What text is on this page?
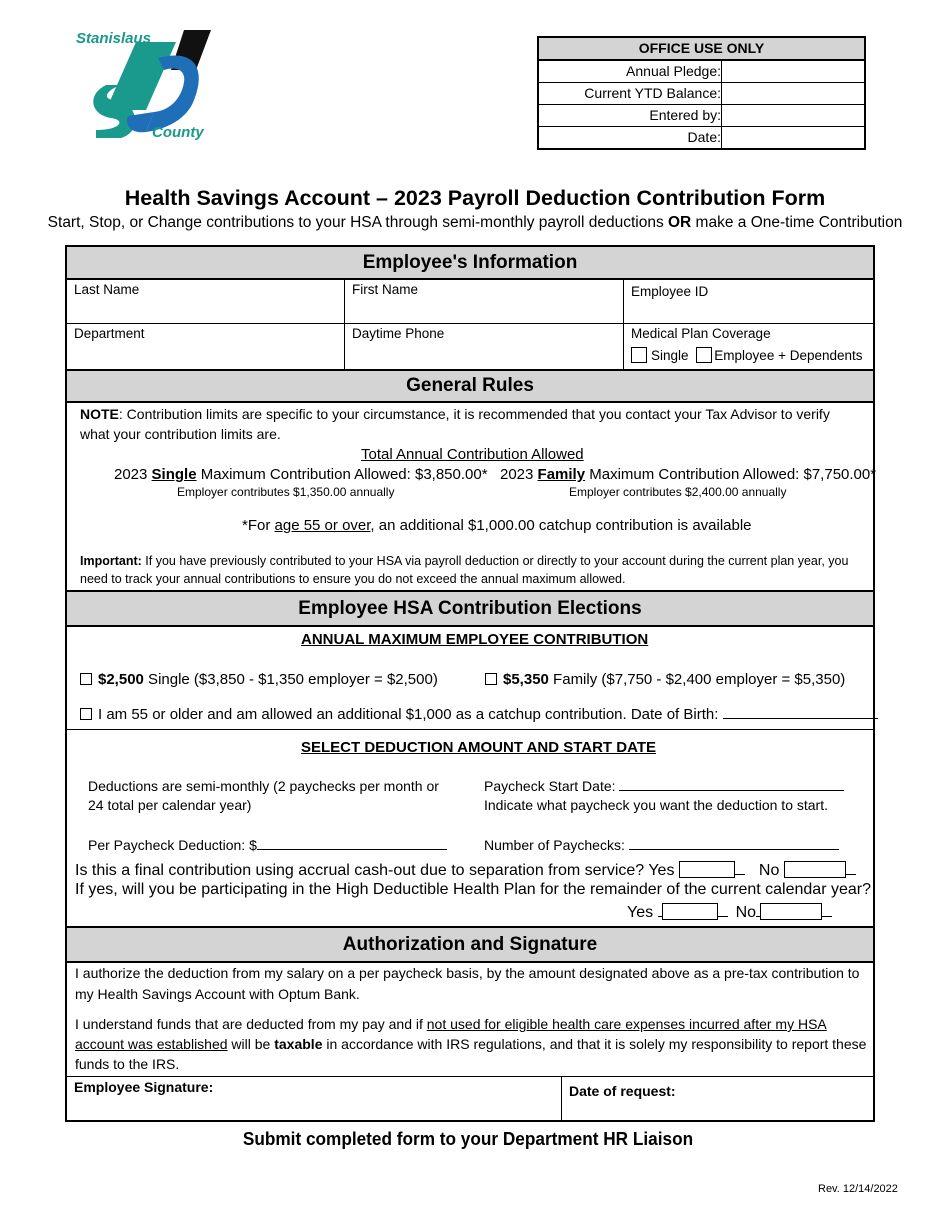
Stanislaus
County
OFFICE USE ONLY
Annual Pledge:
Current YTD Balance:
Entered by:
Date:
Health Savings Account – 2023 Payroll Deduction Contribution Form
Start, Stop, or Change contributions to your HSA through semi-monthly payroll deductions OR make a One-time Contribution
Employee's Information
Last Name	First Name	Employee ID
Department	Daytime Phone	Medical Plan Coverage
Single Employee + Dependents
General Rules
NOTE: Contribution limits are specific to your circumstance, it is recommended that you contact your Tax Advisor to verify
what your contribution limits are.
Total Annual Contribution Allowed
2023 Single Maximum Contribution Allowed: $3,850.00* 2023 Family Maximum Contribution Allowed: $7,750.00*
Employer contributes $1,350.00 annually	Employer contributes $2,400.00 annually
*For age 55 or over, an additional $1,000.00 catchup contribution is available
Important: If you have previously contributed to your HSA via payroll deduction or directly to your account during the current plan year, you
need to track your annual contributions to ensure you do not exceed the annual maximum allowed.
Employee HSA Contribution Elections
ANNUAL MAXIMUM EMPLOYEE CONTRIBUTION
$2,500 Single ($3,850 - $1,350 employer = $2,500)	$5,350 Family ($7,750 - $2,400 employer = $5,350)
I am 55 or older and am allowed an additional $1,000 as a catchup contribution. Date of Birth:
SELECT DEDUCTION AMOUNT AND START DATE
Deductions are semi-monthly (2 paychecks per month or
24 total per calendar year)
Paycheck Start Date:
Indicate what paycheck you want the deduction to start.
Per Paycheck Deduction: $	Number of Paychecks:
Is this a final contribution using accrual cash-out due to separation from service? Yes	No
If yes, will you be participating in the High Deductible Health Plan for the remainder of the current calendar year?
Yes	No
Authorization and Signature
I authorize the deduction from my salary on a per paycheck basis, by the amount designated above as a pre-tax contribution to
my Health Savings Account with Optum Bank.
I understand funds that are deducted from my pay and if not used for eligible health care expenses incurred after my HSA
account was established will be taxable in accordance with IRS regulations, and that it is solely my responsibility to report these
funds to the IRS.
Employee Signature:	Date of request:
Submit completed form to your Department HR Liaison
Rev. 12/14/2022
